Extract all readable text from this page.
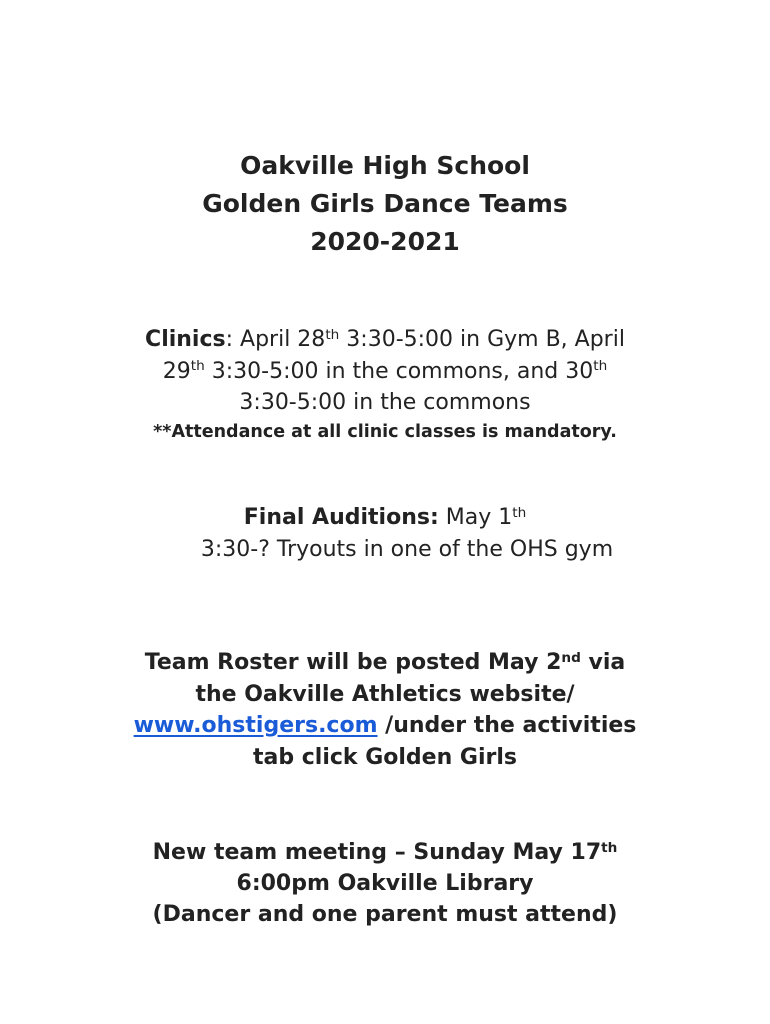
Oakville High School
Golden Girls Dance Teams
2020-2021
Clinics: April 28th 3:30-5:00 in Gym B, April
29th 3:30-5:00 in the commons, and 30th
3:30-5:00 in the commons
**Attendance at all clinic classes is mandatory.
Final Auditions: May 1th
3:30-? Tryouts in one of the OHS gym
Team Roster will be posted May 2nd via
the Oakville Athletics website/
www.ohstigers.com /under the activities
tab click Golden Girls
New team meeting – Sunday May 17th
6:00pm Oakville Library
(Dancer and one parent must attend)
